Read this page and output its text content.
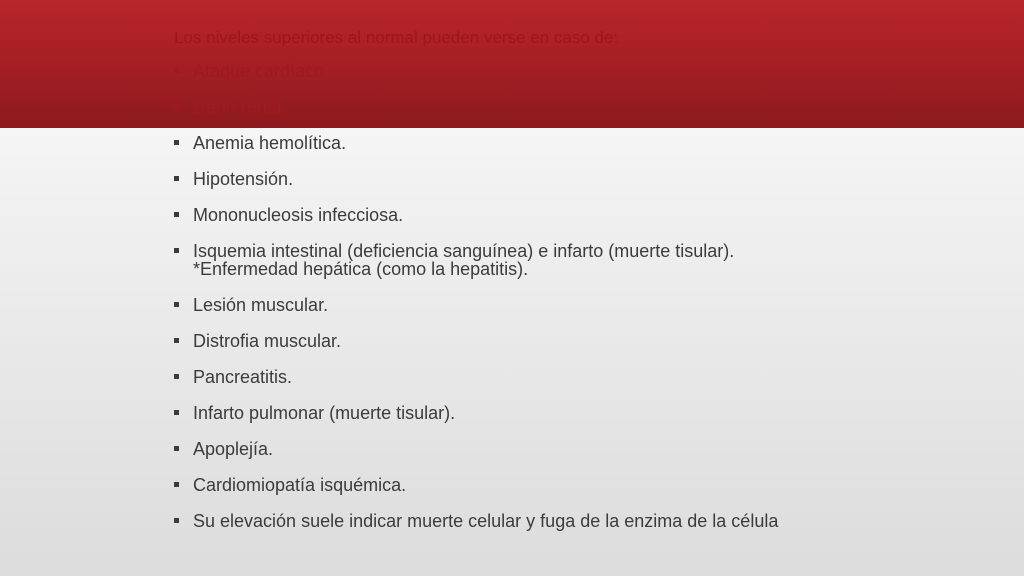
Los niveles superiores al normal pueden verse en caso de:

Ataque cardíaco
Daño renal.
Anemia hemolítica.
Hipotensión.
Mononucleosis infecciosa.
Isquemia intestinal (deficiencia sanguínea) e infarto (muerte tisular).
*Enfermedad hepática (como la hepatitis).
Lesión muscular.
Distrofia muscular.
Pancreatitis.
Infarto pulmonar (muerte tisular).
Apoplejía.
Cardiomiopatía isquémica.
Su elevación suele indicar muerte celular y fuga de la enzima de la célula
